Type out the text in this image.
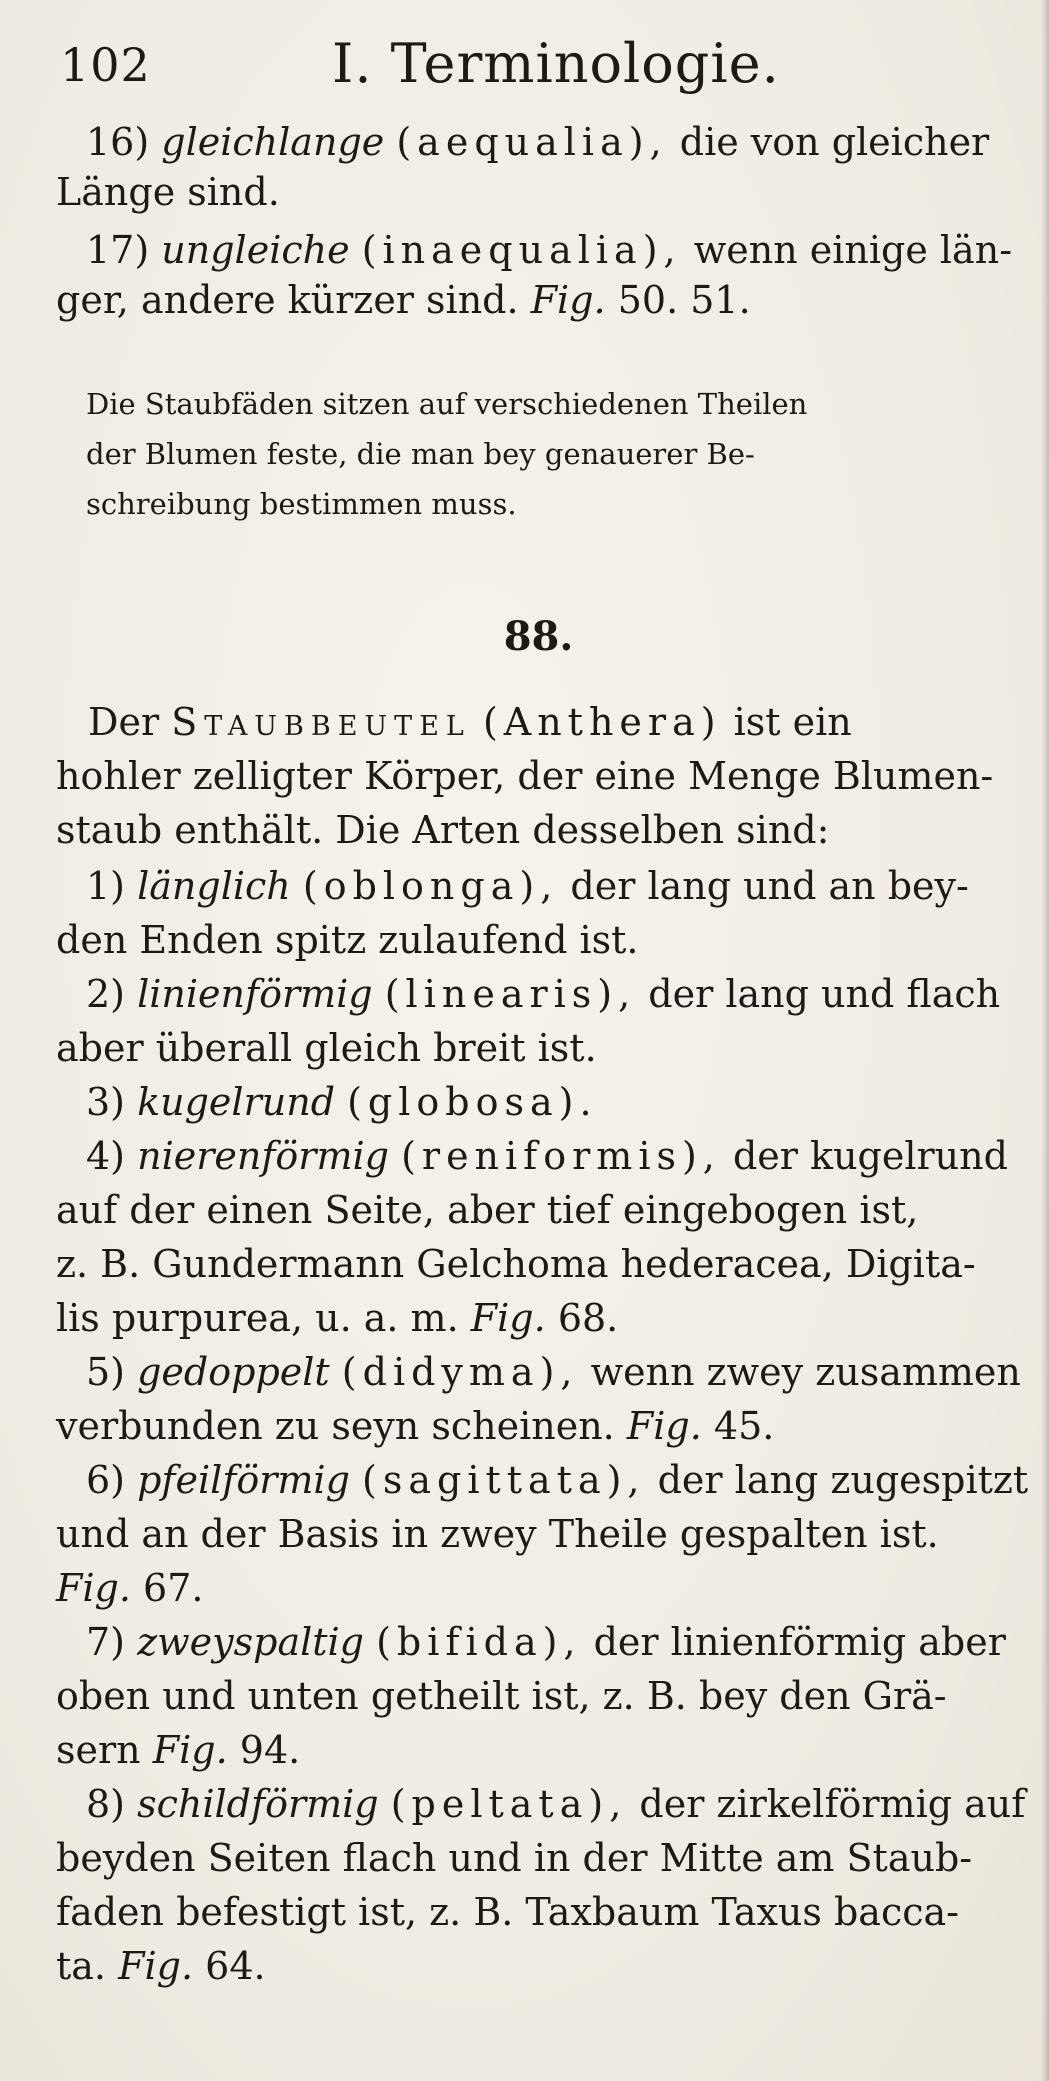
102	I. Terminologie.
16) gleichlange (aequalia), die von gleicher
Länge sind.
17) ungleiche (inaequalia), wenn einige län-
ger, andere kürzer sind. Fig. 50. 51.
Die Staubfäden sitzen auf verschiedenen Theilen
der Blumen feste, die man bey genauerer Be-
schreibung bestimmen muss.
88.
Der Staubbeutel (Anthera) ist ein
hohler zelligter Körper, der eine Menge Blumen-
staub enthält. Die Arten desselben sind:
1) länglich (oblonga), der lang und an bey-
den Enden spitz zulaufend ist.
2) linienförmig (linearis), der lang und flach
aber überall gleich breit ist.
3) kugelrund (globosa).
4) nierenförmig (reniformis), der kugelrund
auf der einen Seite, aber tief eingebogen ist,
z. B. Gundermann Gelchoma hederacea, Digita-
lis purpurea, u. a. m. Fig. 68.
5) gedoppelt (didyma), wenn zwey zusammen
verbunden zu seyn scheinen. Fig. 45.
6) pfeilförmig (sagittata), der lang zugespitzt
und an der Basis in zwey Theile gespalten ist.
Fig. 67.
7) zweyspaltig (bifida), der linienförmig aber
oben und unten getheilt ist, z. B. bey den Grä-
sern Fig. 94.
8) schildförmig (peltata), der zirkelförmig auf
beyden Seiten flach und in der Mitte am Staub-
faden befestigt ist, z. B. Taxbaum Taxus bacca-
ta. Fig. 64.
